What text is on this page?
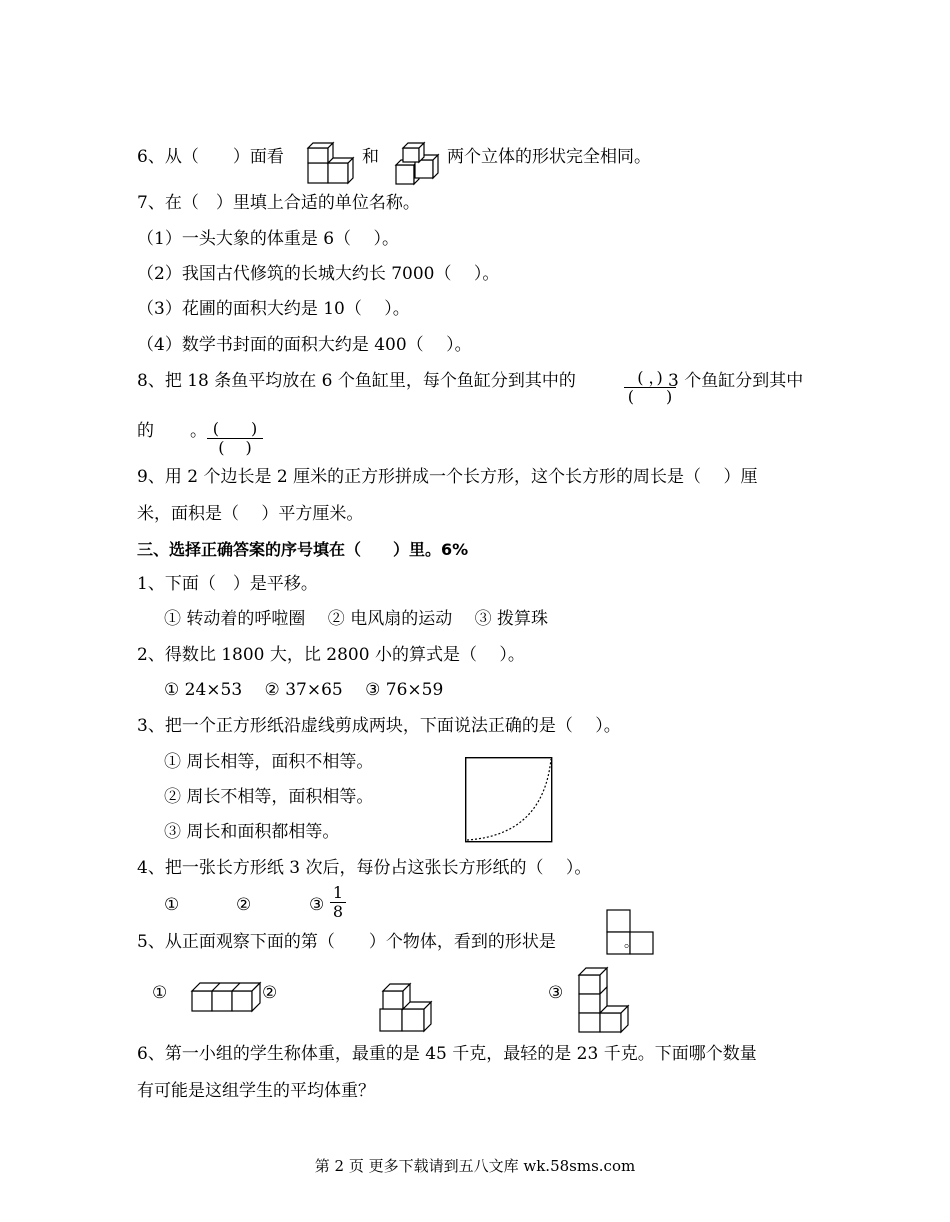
6、从（　　）面看	和	两个立体的形状完全相同。
7、在（　）里填上合适的单位名称。
（1）一头大象的体重是 6（　 ）。
（2）我国古代修筑的长城大约长 7000（　 ）。
（3）花圃的面积大约是 10（　 ）。
（4）数学书封面的面积大约是 400（　 ）。
8、把 18 条鱼平均放在 6 个鱼缸里，每个鱼缸分到其中的	( ，)
(　　)
3 个鱼缸分到其中
的 。 (　　)
(　 )
9、用 2 个边长是 2 厘米的正方形拼成一个长方形，这个长方形的周长是（　 ）厘
米，面积是（　 ）平方厘米。
三、选择正确答案的序号填在（　　）里。6%
1、下面（　）是平移。
① 转动着的呼啦圈　 ② 电风扇的运动　 ③ 拨算珠
2、得数比 1800 大，比 2800 小的算式是（　 ）。
① 24×53　 ② 37×65　 ③ 76×59
3、把一个正方形纸沿虚线剪成两块，下面说法正确的是（　 ）。
① 周长相等，面积不相等。
② 周长不相等，面积相等。
③ 周长和面积都相等。
4、把一张长方形纸 3 次后，每份占这张长方形纸的（　 ）。
①	②	③ $\frac{1}{8}$
5、从正面观察下面的第（　　）个物体，看到的形状是	。
①	②	③
6、第一小组的学生称体重，最重的是 45 千克，最轻的是 23 千克。下面哪个数量
有可能是这组学生的平均体重？
第 2 页 更多下载请到五八文库 wk.58sms.com
